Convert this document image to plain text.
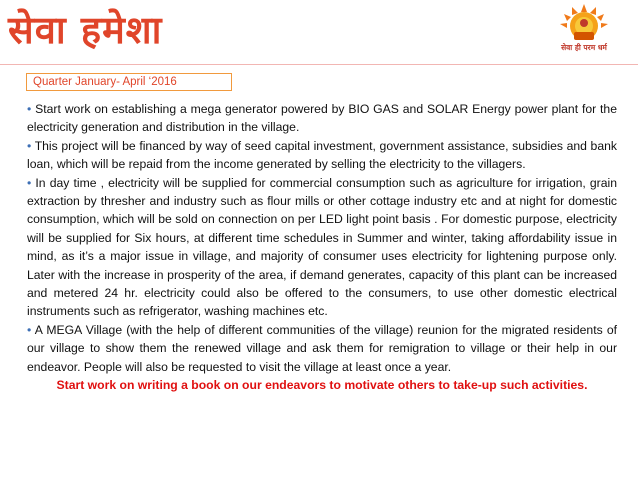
सेवा हमेशा	सेवा ही परम धर्म
Quarter January- April ‘2016

• Start work on establishing a mega generator powered by BIO GAS and SOLAR Energy power plant for the electricity generation and distribution in the village.

• This project will be financed by way of seed capital investment, government assistance, subsidies and bank loan, which will be repaid from the income generated by selling the electricity to the villagers.

• In day time , electricity will be supplied for commercial consumption such as agriculture for irrigation, grain extraction by thresher and industry such as flour mills or other cottage industry etc and at night for domestic consumption, which will be sold on connection on per LED light point basis . For domestic purpose, electricity will be supplied for Six hours, at different time schedules in Summer and winter, taking affordability issue in mind, as it’s a major issue in village, and majority of consumer uses electricity for lightening purpose only. Later with the increase in prosperity of the area, if demand generates, capacity of this plant can be increased and metered 24 hr. electricity could also be offered to the consumers, to use other domestic electrical instruments such as refrigerator, washing machines etc.

• A MEGA Village (with the help of different communities of the village) reunion for the migrated residents of our village to show them the renewed village and ask them for remigration to village or their help in our endeavor. People will also be requested to visit the village at least once a year.

Start work on writing a book on our endeavors to motivate others to take-up such activities.
